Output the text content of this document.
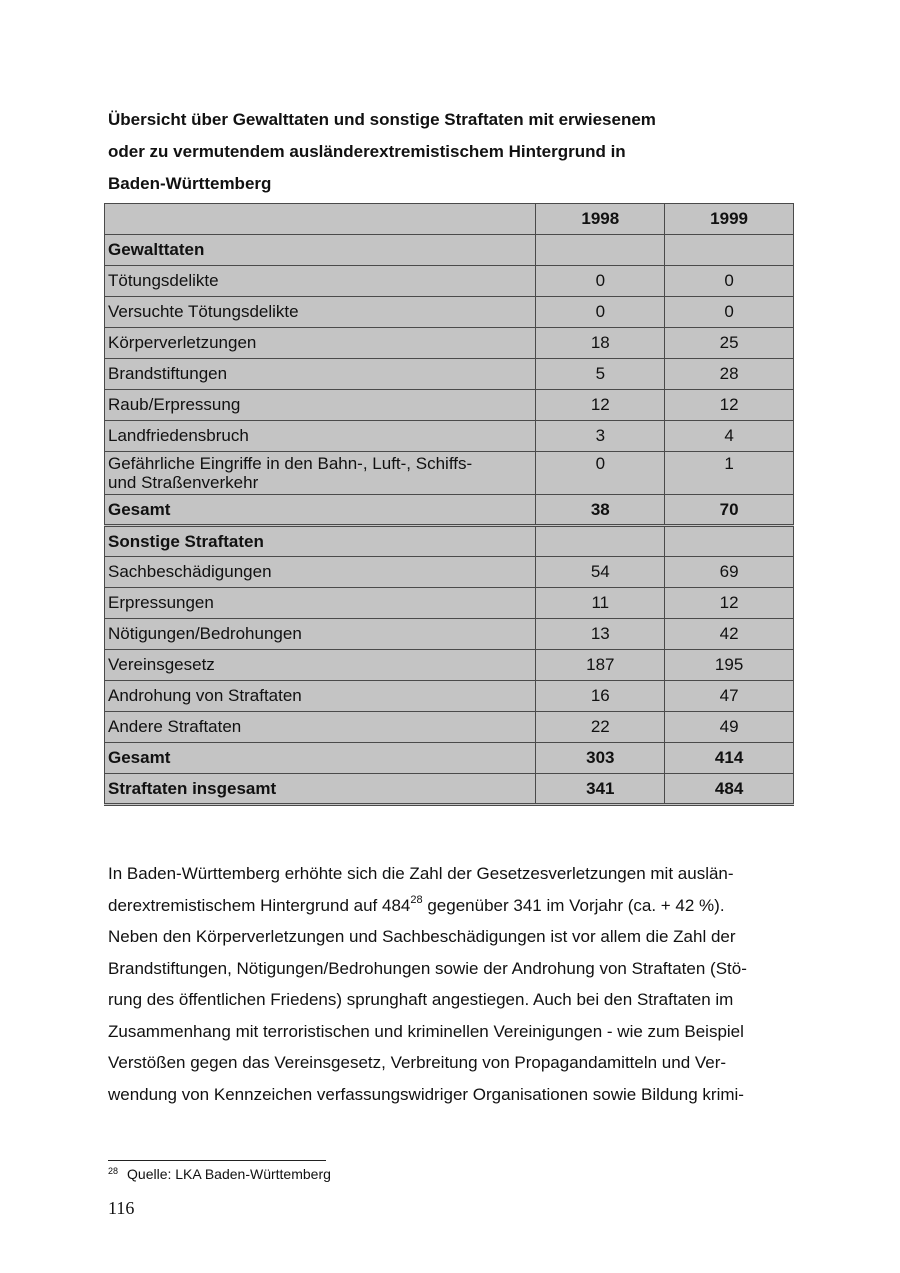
Übersicht über Gewalttaten und sonstige Straftaten mit erwiesenem
oder zu vermutendem ausländerextremistischem Hintergrund in
Baden-Württemberg
	1998	1999
Gewalttaten		
Tötungsdelikte	0	0
Versuchte Tötungsdelikte	0	0
Körperverletzungen	18	25
Brandstiftungen	5	28
Raub/Erpressung	12	12
Landfriedensbruch	3	4

Gefährliche Eingriffe in den Bahn-, Luft-, Schiffs-
und Straßenverkehr	0	1
Gesamt	38	70
Sonstige Straftaten		
Sachbeschädigungen	54	69
Erpressungen	11	12
Nötigungen/Bedrohungen	13	42
Vereinsgesetz	187	195
Androhung von Straftaten	16	47
Andere Straftaten	22	49
Gesamt	303	414
Straftaten insgesamt	341	484
In Baden-Württemberg erhöhte sich die Zahl der Gesetzesverletzungen mit auslän-
derextremistischem Hintergrund auf $484^{28}$ gegenüber 341 im Vorjahr (ca. + 42 %).
Neben den Körperverletzungen und Sachbeschädigungen ist vor allem die Zahl der
Brandstiftungen, Nötigungen/Bedrohungen sowie der Androhung von Straftaten (Stö-
rung des öffentlichen Friedens) sprunghaft angestiegen. Auch bei den Straftaten im
Zusammenhang mit terroristischen und kriminellen Vereinigungen - wie zum Beispiel
Verstößen gegen das Vereinsgesetz, Verbreitung von Propagandamitteln und Ver-
wendung von Kennzeichen verfassungswidriger Organisationen sowie Bildung krimi-
$^{28}$ Quelle: LKA Baden-Württemberg
116
